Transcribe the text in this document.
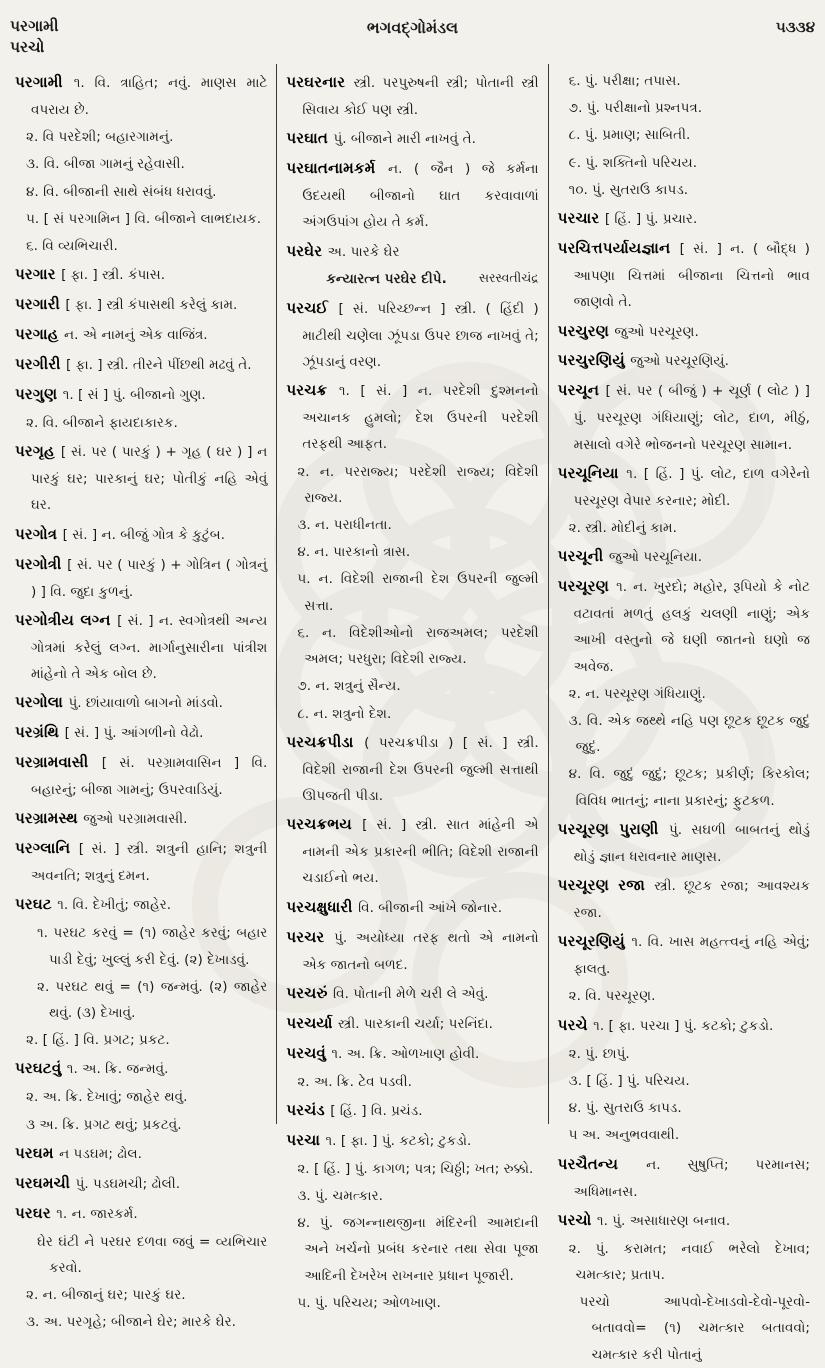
પરગામી
પરચો
ભગવદ્ગોમંડલ	૫૩૩૪

પરગામી ૧. વિ. ત્રાહિત; નવું. માણસ માટે વપરાય છે.

૨. વિ પરદેશી; બહારગામનું.

૩. વિ. બીજા ગામનું રહેવાસી.

૪. વિ. બીજાની સાથે સંબંધ ધરાવવું.

૫. [ સં પરગામિન ] વિ. બીજાને લાભદાયક.

૬. વિ વ્યભિચારી.

પરગાર [ ફા. ] સ્ત્રી. કંપાસ.

પરગારી [ ફા. ] સ્ત્રી કંપાસથી કરેલું કામ.

પરગાહ ન. એ નામનું એક વાજિંત્ર.

પરગીરી [ ફા. ] સ્ત્રી. તીરને પીંછથી મઢવું તે.

પરગુણ ૧. [ સં ] પું. બીજાનો ગુણ.

૨. વિ. બીજાને ફાયદાકારક.

પરગૃહ [ સં. પર ( પારકું ) + ગૃહ ( ઘર ) ] ન પારકું ઘર; પારકાનું ઘર; પોતીકું નહિ એવું ઘર.

પરગોત્ર [ સં. ] ન. બીજું ગોત્ર કે કુટુંબ.

પરગોત્રી [ સં. પર ( પારકું ) + ગોત્રિન ( ગોત્રનું ) ] વિ. જુદા કુળનું.

પરગોત્રીય લગ્ન [ સં. ] ન. સ્વગોત્રથી અન્ય ગોત્રમાં કરેલું લગ્ન. માર્ગાનુસારીના પાંત્રીશ માંહેનો તે એક બોલ છે.

પરગોલા પું. છાંયાવાળો બાગનો માંડવો.

પરગ્રંથિ [ સં. ] પું. આંગળીનો વેઢો.

પરગ્રામવાસી [ સં. પરગ્રામવાસિન ] વિ. બહારનું; બીજા ગામનું; ઉપરવાડિયું.

પરગ્રામસ્થ જુઓ પરગ્રામવાસી.

પરગ્લાનિ [ સં. ] સ્ત્રી. શત્રુની હાનિ; શત્રુની અવનતિ; શત્રુનું દમન.

પરઘટ ૧. વિ. દેખીતું; જાહેર.

૧. પરઘટ કરવું = (૧) જાહેર કરવું; બહાર પાડી દેવું; ખુલ્લું કરી દેવું. (૨) દેખાડવું.

૨. પરઘટ થવું = (૧) જન્મવું. (૨) જાહેર થવું. (૩) દેખાવું.

૨. [ હિં. ] વિ. પ્રગટ; પ્રકટ.

પરઘટવું ૧. અ. ક્રિ. જન્મવું.

૨. અ. ક્રિ. દેખાવું; જાહેર થવું.

૩ અ. ક્રિ. પ્રગટ થવું; પ્રકટવું.

પરઘમ ન પડઘમ; ઢોલ.

પરઘમચી પું. પડઘમચી; ઢોલી.

પરઘર ૧. ન. જારકર્મ.

ઘેર ઘંટી ને પરઘર દળવા જવું = વ્યભિચાર કરવો.

૨. ન. બીજાનું ઘર; પારકું ઘર.

૩. અ. પરગૃહે; બીજાને ઘેર; મારકે ઘેર.

પરઘરનાર સ્ત્રી. પરપુરુષની સ્ત્રી; પોતાની સ્ત્રી સિવાય કોઈ પણ સ્ત્રી.

પરઘાત પું. બીજાને મારી નાખવું તે.

પરઘાતનામકર્મ ન. ( જૈન ) જે કર્મના ઉદયથી બીજાનો ઘાત કરવાવાળાં અંગઉપાંગ હોય તે કર્મ.

પરઘેર અ. પારકે ઘેર

કન્યારત્ન પરઘેર દીપે.	સરસ્વતીચંદ્ર

પરચઈ [ સં. પરિચ્છન્ન ] સ્ત્રી. ( હિંદી ) માટીથી ચણેલા ઝૂંપડા ઉપર છાજ નાખવું તે; ઝૂંપડાનું વરણ.

પરચક્ર ૧. [ સં. ] ન. પરદેશી દુશ્મનનો અચાનક હુમલો; દેશ ઉપરની પરદેશી તરફથી આફત.

૨. ન. પરરાજ્ય; પરદેશી રાજ્ય; વિદેશી રાજ્ય.

૩. ન. પરાધીનતા.

૪. ન. પારકાનો ત્રાસ.

૫. ન. વિદેશી રાજાની દેશ ઉપરની જુલ્મી સત્તા.

૬. ન. વિદેશીઓનો રાજઅમલ; પરદેશી અમલ; પરધુરા; વિદેશી રાજ્ય.

૭. ન. શત્રુનું સૈન્ય.

૮. ન. શત્રુનો દેશ.

પરચક્રપીડા ( પરચક્રપીડા ) [ સં. ] સ્ત્રી. વિદેશી રાજાની દેશ ઉપરની જુલ્મી સત્તાથી ઊપજતી પીડા.

પરચક્રભય [ સં. ] સ્ત્રી. સાત માંહેની એ નામની એક પ્રકારની ભીતિ; વિદેશી રાજાની ચડાઈનો ભય.

પરચક્ષુધારી વિ. બીજાની આંખે જોનાર.

પરચર પું. અયોધ્યા તરફ થતો એ નામનો એક જાતનો બળદ.

પરચરું વિ. પોતાની મેળે ચરી લે એવું.

પરચર્યા સ્ત્રી. પારકાની ચર્યા; પરનિંદા.

પરચવું ૧. અ. ક્રિ. ઓળખાણ હોવી.

૨. અ. ક્રિ. ટેવ પડવી.

પરચંડ [ હિં. ] વિ. પ્રચંડ.

પરચા ૧. [ ફા. ] પું. કટકો; ટુકડો.

૨. [ હિં. ] પું. કાગળ; પત્ર; ચિઠ્ઠી; ખત; રુક્કો.

૩. પું. ચમત્કાર.

૪. પું. જગન્નાથજીના મંદિરની આમદાની અને ખર્ચનો પ્રબંધ કરનાર તથા સેવા પૂજા આદિની દેખરેખ રાખનાર પ્રધાન પૂજારી.

૫. પું. પરિચય; ઓળખાણ.

૬. પું. પરીક્ષા; તપાસ.

૭. પું. પરીક્ષાનો પ્રશ્નપત્ર.

૮. પું. પ્રમાણ; સાબિતી.

૯. પું. શક્તિનો પરિચય.

૧૦. પું. સુતરાઉ કાપડ.

પરચાર [ હિં. ] પું. પ્રચાર.

પરચિત્તપર્યાયજ્ઞાન [ સં. ] ન. ( બૌદ્ધ ) આપણા ચિત્તમાં બીજાના ચિત્તનો ભાવ જાણવો તે.

પરચુરણ જુઓ પરચૂરણ.

પરચુરણિયું જુઓ પરચૂરણિયું.

પરચૂન [ સં. પર ( બીજું ) + ચૂર્ણ ( લોટ ) ] પું. પરચૂરણ ગંધિયાણું; લોટ, દાળ, મીઠું, મસાલો વગેરે ભોજનનો પરચૂરણ સામાન.

પરચૂનિયા ૧. [ હિં. ] પું. લોટ, દાળ વગેરેનો પરચૂરણ વેપાર કરનાર; મોદી.

૨. સ્ત્રી. મોદીનું કામ.

પરચૂની જુઓ પરચૂનિયા.

પરચૂરણ ૧. ન. ખુરદો; મહોર, રૂપિયો કે નોટ વટાવતાં મળતું હલકું ચલણી નાણું; એક આખી વસ્તુનો જે ઘણી જાતનો ઘણો જ અવેજ.

૨. ન. પરચૂરણ ગંધિયાણું.

૩. વિ. એક જથ્થે નહિ પણ છૂટક છૂટક જુદું જુદું.

૪. વિ. જુદું જુદું; છૂટક; પ્રકીર્ણ; કિરકોલ; વિવિધ ભાતનું; નાના પ્રકારનું; ફુટકળ.

પરચૂરણ પુરાણી પું. સઘળી બાબતનું થોડું થોડું જ્ઞાન ધરાવનાર માણસ.

પરચૂરણ રજા સ્ત્રી. છૂટક રજા; આવશ્યક રજા.

પરચૂરણિયું ૧. વિ. ખાસ મહત્ત્વનું નહિ એવું; ફાલતુ.

૨. વિ. પરચૂરણ.

પરચે ૧. [ ફા. પરચા ] પું. કટકો; ટુકડો.

૨. પું. છાપું.

૩. [ હિં. ] પું. પરિચય.

૪. પું. સુતરાઉ કાપડ.

૫ અ. અનુભવવાથી.

પરચૈતન્ય ન. સુષુપ્તિ; પરમાનસ; અધિમાનસ.

પરચો ૧. પું. અસાધારણ બનાવ.

૨. પું. કરામત; નવાઈ ભરેલો દેખાવ; ચમત્કાર; પ્રતાપ.

પરચો આપવો-દેખાડવો-દેવો-પૂરવો-બતાવવો= (૧) ચમત્કાર બતાવવો; ચમત્કાર કરી પોતાનું
